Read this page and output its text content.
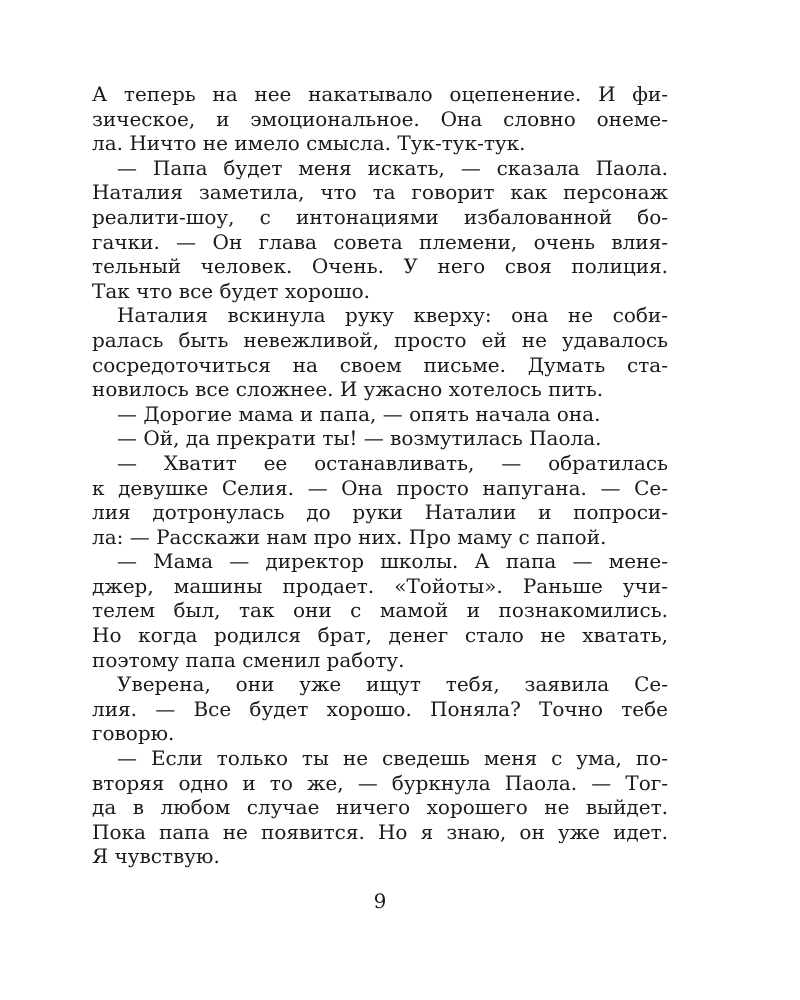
А теперь на нее накатывало оцепенение. И фи-
зическое, и эмоциональное. Она словно онеме-
ла. Ничто не имело смысла. Тук-тук-тук.
— Папа будет меня искать, — сказала Паола.
Наталия заметила, что та говорит как персонаж
реалити-шоу, с интонациями избалованной бо-
гачки. — Он глава совета племени, очень влия-
тельный человек. Очень. У него своя полиция.
Так что все будет хорошо.
Наталия вскинула руку кверху: она не соби-
ралась быть невежливой, просто ей не удавалось
сосредоточиться на своем письме. Думать ста-
новилось все сложнее. И ужасно хотелось пить.
— Дорогие мама и папа, — опять начала она.
— Ой, да прекрати ты! — возмутилась Паола.
— Хватит ее останавливать, — обратилась
к девушке Селия. — Она просто напугана. — Се-
лия дотронулась до руки Наталии и попроси-
ла: — Расскажи нам про них. Про маму с папой.
— Мама — директор школы. А папа — мене-
джер, машины продает. «Тойоты». Раньше учи-
телем был, так они с мамой и познакомились.
Но когда родился брат, денег стало не хватать,
поэтому папа сменил работу.
Уверена, они уже ищут тебя, заявила Се-
лия. — Все будет хорошо. Поняла? Точно тебе
говорю.
— Если только ты не сведешь меня с ума, по-
вторяя одно и то же, — буркнула Паола. — Тог-
да в любом случае ничего хорошего не выйдет.
Пока папа не появится. Но я знаю, он уже идет.
Я чувствую.
9
